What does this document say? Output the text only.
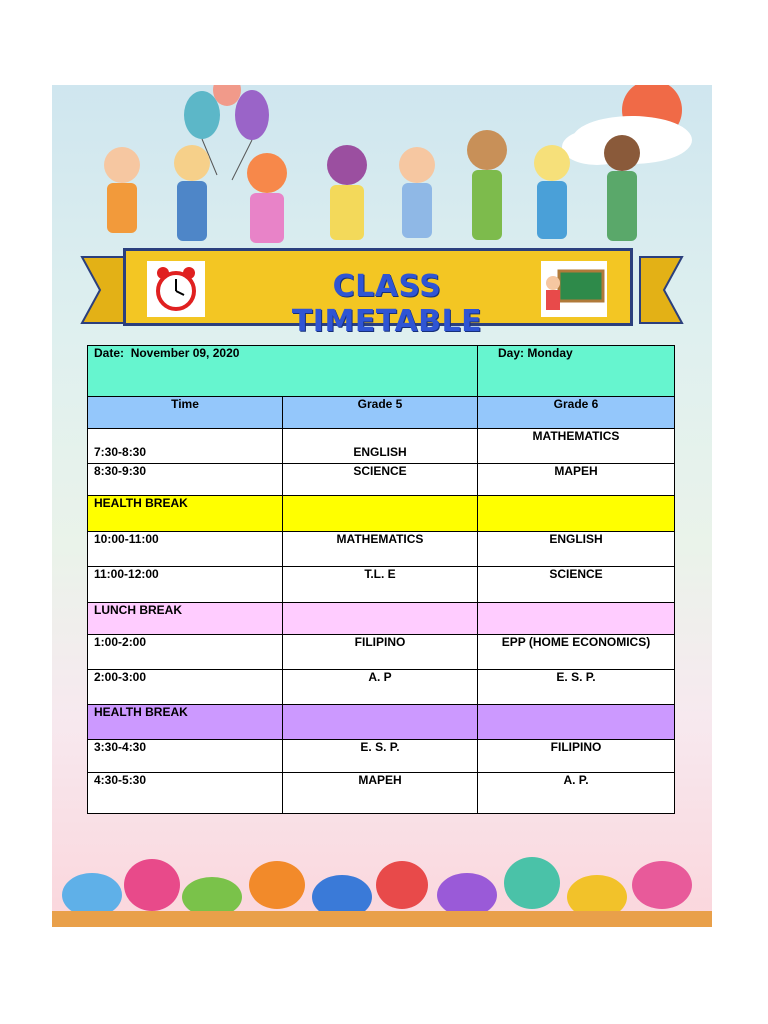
CLASS TIMETABLE
Date: November 09, 2020		Day: Monday
Time	Grade 5	Grade 6
7:30-8:30	ENGLISH	MATHEMATICS
8:30-9:30	SCIENCE	MAPEH
HEALTH BREAK		
10:00-11:00	MATHEMATICS	ENGLISH
11:00-12:00	T.L. E	SCIENCE
LUNCH BREAK		
1:00-2:00	FILIPINO	EPP (HOME ECONOMICS)
2:00-3:00	A. P	E. S. P.
HEALTH BREAK		
3:30-4:30	E. S. P.	FILIPINO
4:30-5:30	MAPEH	A. P.
